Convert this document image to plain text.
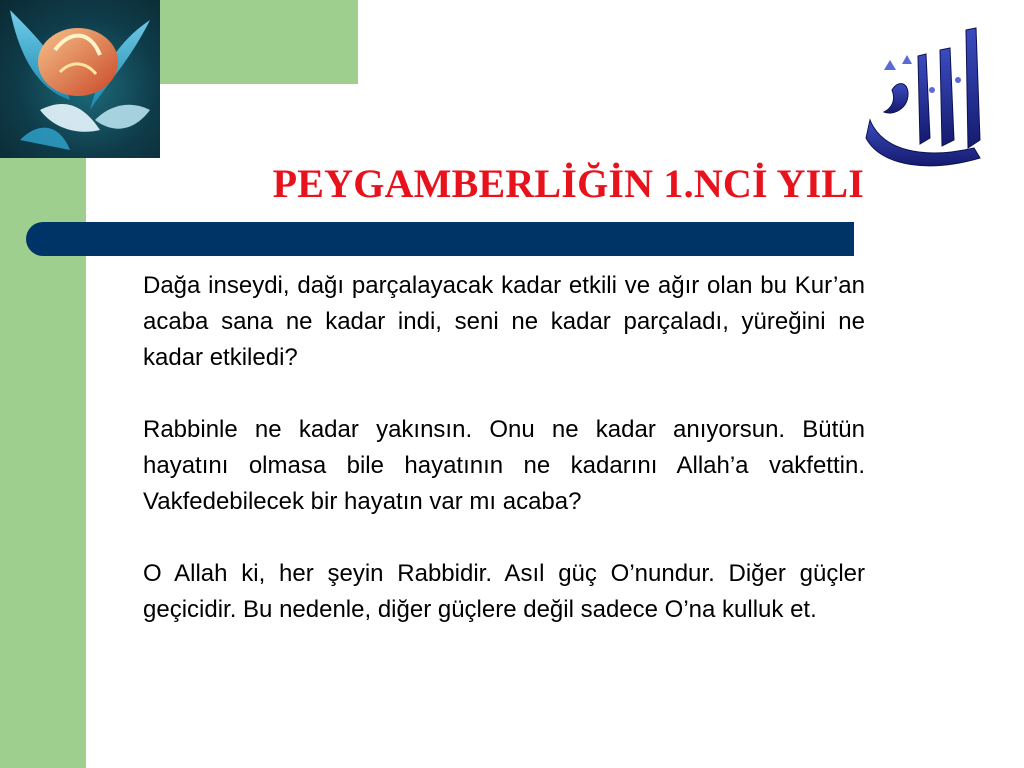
PEYGAMBERLİĞİN 1.NCİ YILI

Dağa inseydi, dağı parçalayacak kadar etkili ve ağır olan bu Kur’an acaba sana ne kadar indi, seni ne kadar parçaladı, yüreğini ne kadar etkiledi?

Rabbinle ne kadar yakınsın. Onu ne kadar anıyorsun. Bütün hayatını olmasa bile hayatının ne kadarını Allah’a vakfettin. Vakfedebilecek bir hayatın var mı acaba?

O Allah ki, her şeyin Rabbidir. Asıl güç O’nundur. Diğer güçler geçicidir. Bu nedenle, diğer güçlere değil sadece O’na kulluk et.
